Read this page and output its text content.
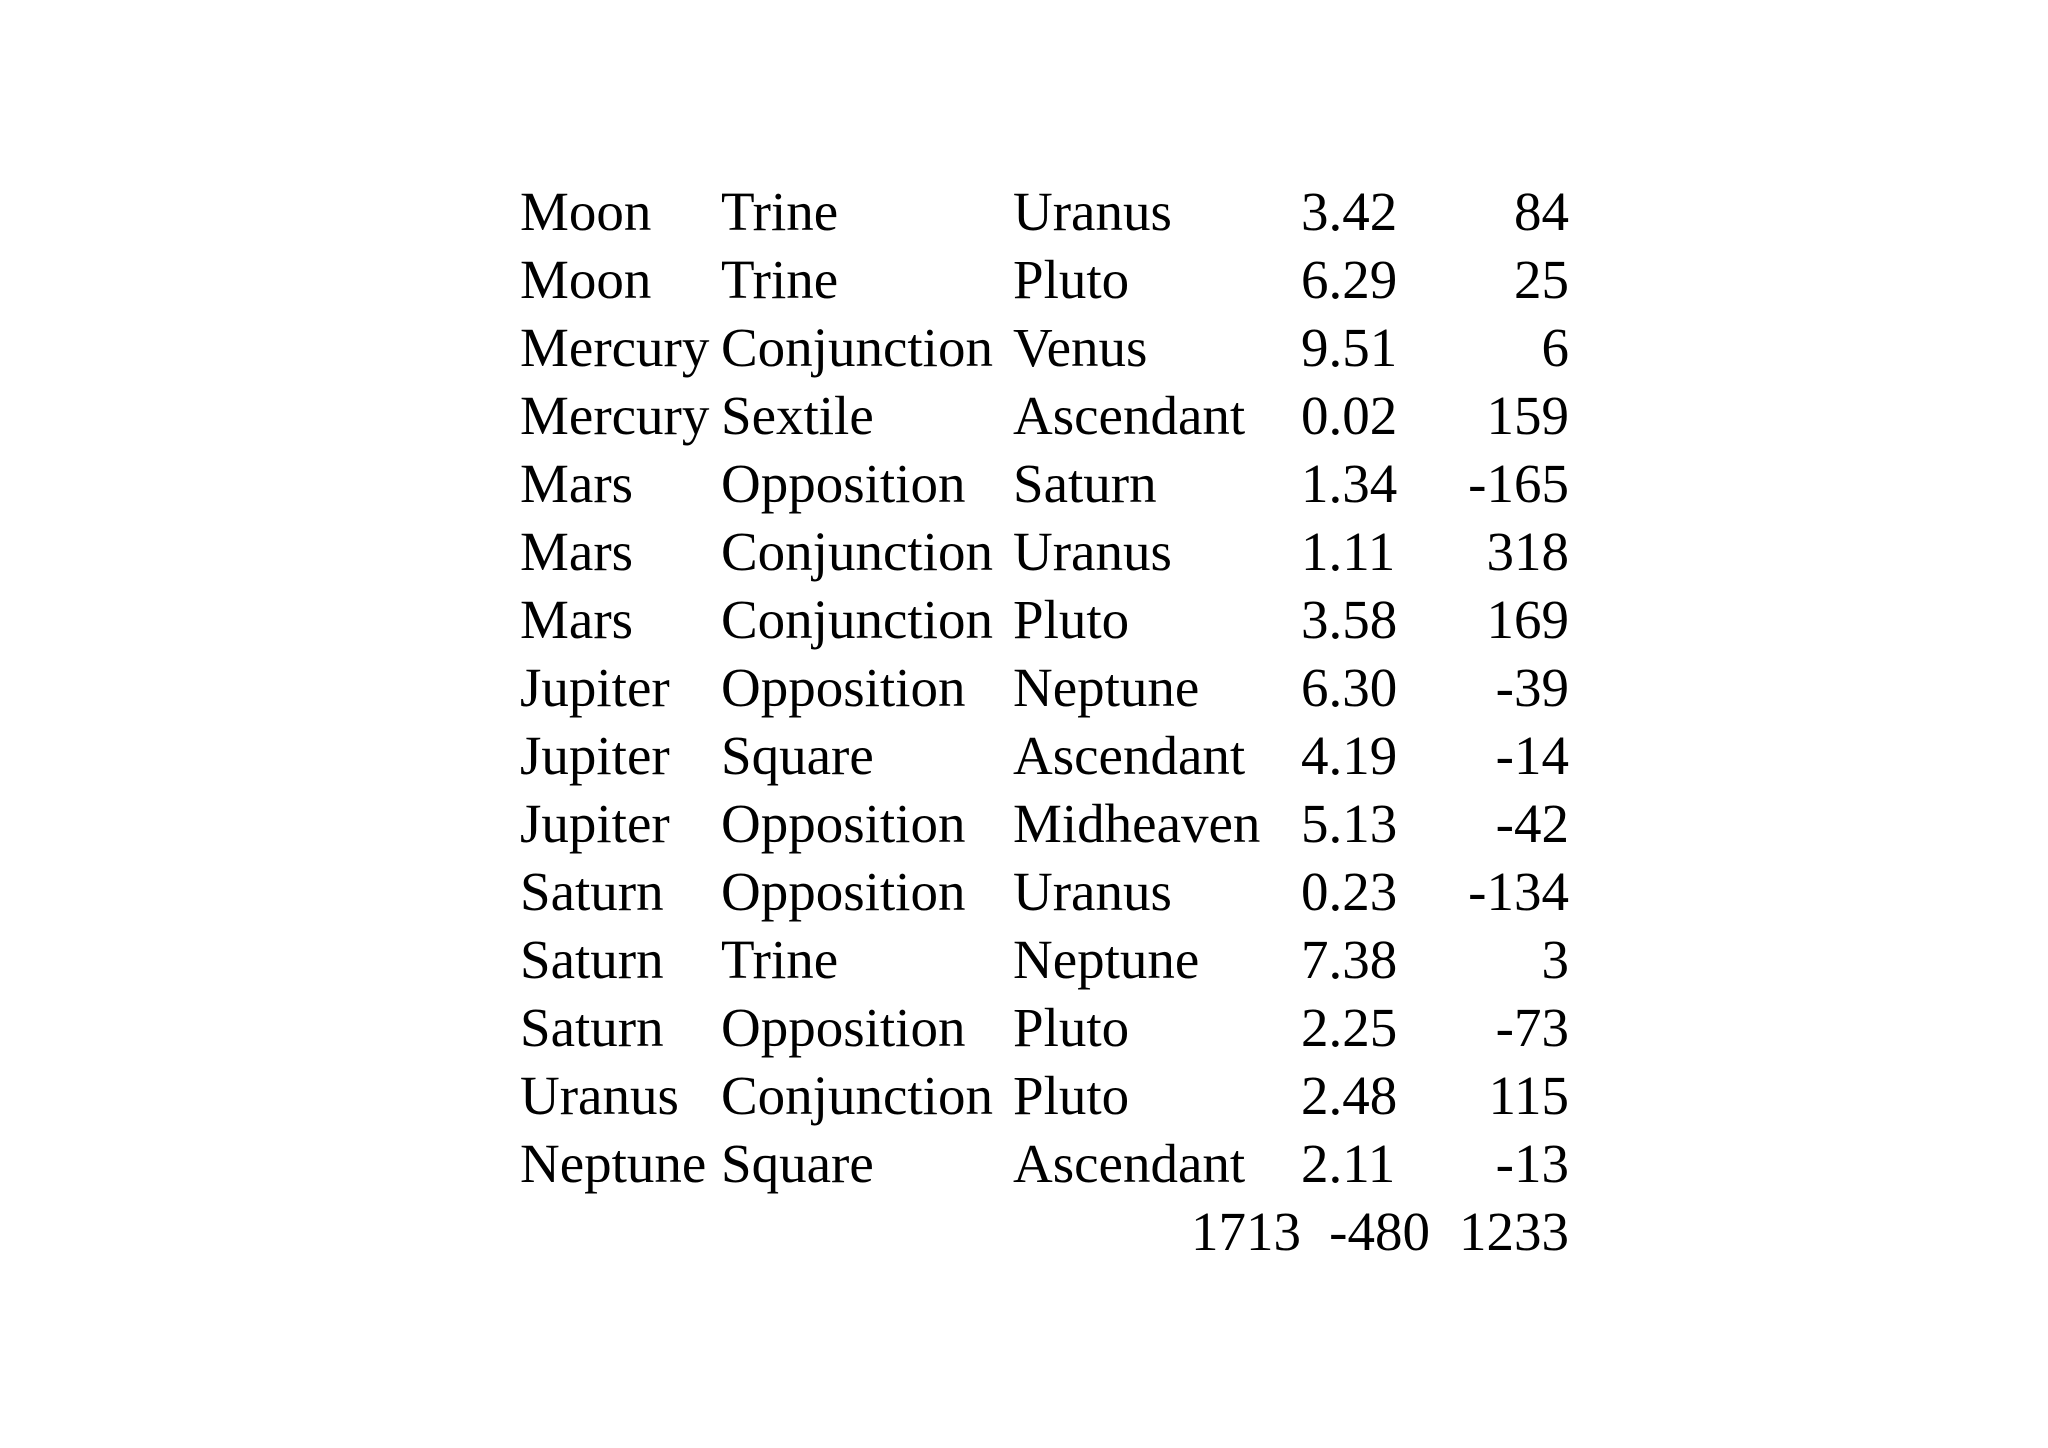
Moon	Trine	Uranus	3.42	84
Moon	Trine	Pluto	6.29	25
Mercury	Conjunction	Venus	9.51	6
Mercury	Sextile	Ascendant	0.02	159
Mars	Opposition	Saturn	1.34	-165
Mars	Conjunction	Uranus	1.11	318
Mars	Conjunction	Pluto	3.58	169
Jupiter	Opposition	Neptune	6.30	-39
Jupiter	Square	Ascendant	4.19	-14
Jupiter	Opposition	Midheaven	5.13	-42
Saturn	Opposition	Uranus	0.23	-134
Saturn	Trine	Neptune	7.38	3
Saturn	Opposition	Pluto	2.25	-73
Uranus	Conjunction	Pluto	2.48	115
Neptune	Square	Ascendant	2.11	-13
		1713	-480	1233
